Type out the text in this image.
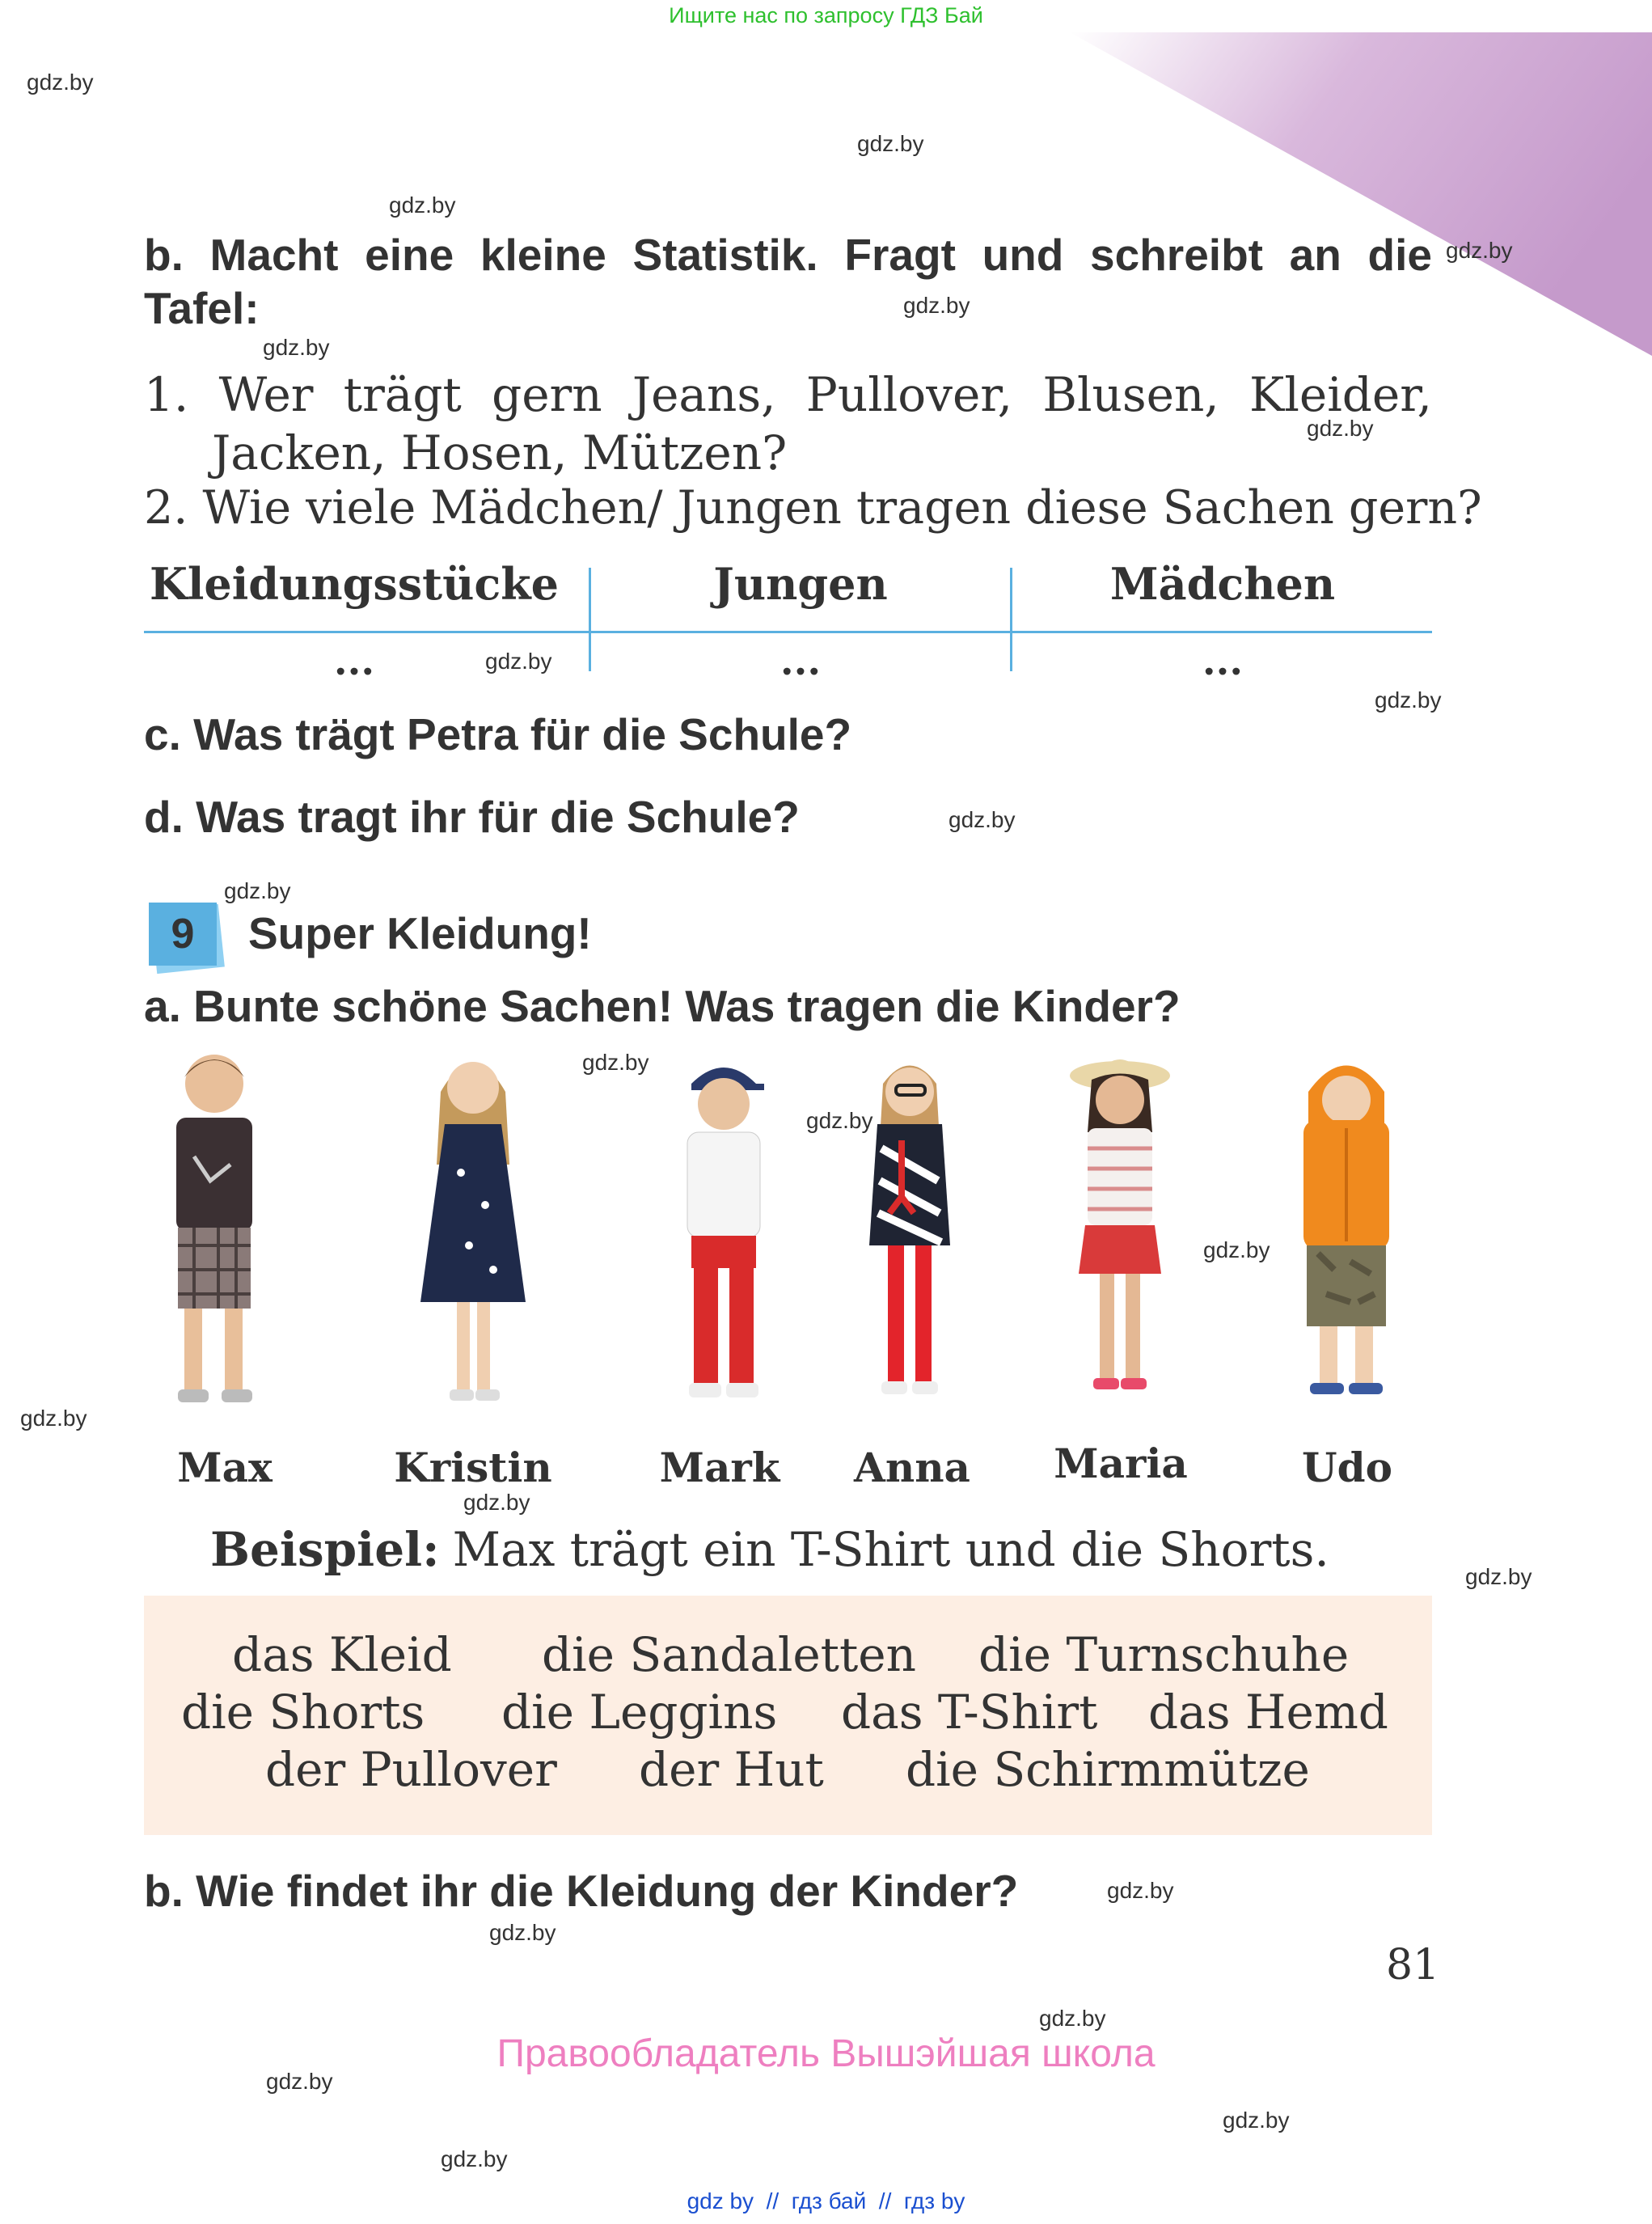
Ищите нас по запросу ГДЗ Бай
gdz.by
gdz.by
gdz.by
gdz.by
gdz.by
gdz.by
gdz.by
gdz.by
gdz.by
gdz.by
gdz.by
gdz.by
gdz.by
gdz.by
gdz.by
gdz.by
gdz.by
gdz.by
gdz.by
gdz.by
gdz.by
gdz.by
gdz.by
b. Macht eine kleine Statistik. Fragt und schreibt an die Tafel:
1. Wer trägt gern Jeans, Pullover, Blusen, Kleider, Jacken, Hosen, Mützen?
2. Wie viele Mädchen/ Jungen tragen diese Sachen gern?
Kleidungsstücke	Jungen	Mädchen
...	...	...
c. Was trägt Petra für die Schule?
d. Was tragt ihr für die Schule?
9	Super Kleidung!
a. Bunte schöne Sachen! Was tragen die Kinder?
Max	Kristin	Mark	Anna	Maria	Udo
Beispiel: Max trägt ein T-Shirt und die Shorts.
das Kleid die Sandaletten die Turnschuhe
die Shorts die Leggins das T-Shirt das Hemd
der Pullover der Hut die Schirmmütze
b. Wie findet ihr die Kleidung der Kinder?
81
Правообладатель Вышэйшая школа
gdz by  //  гдз бай  //  гдз by
